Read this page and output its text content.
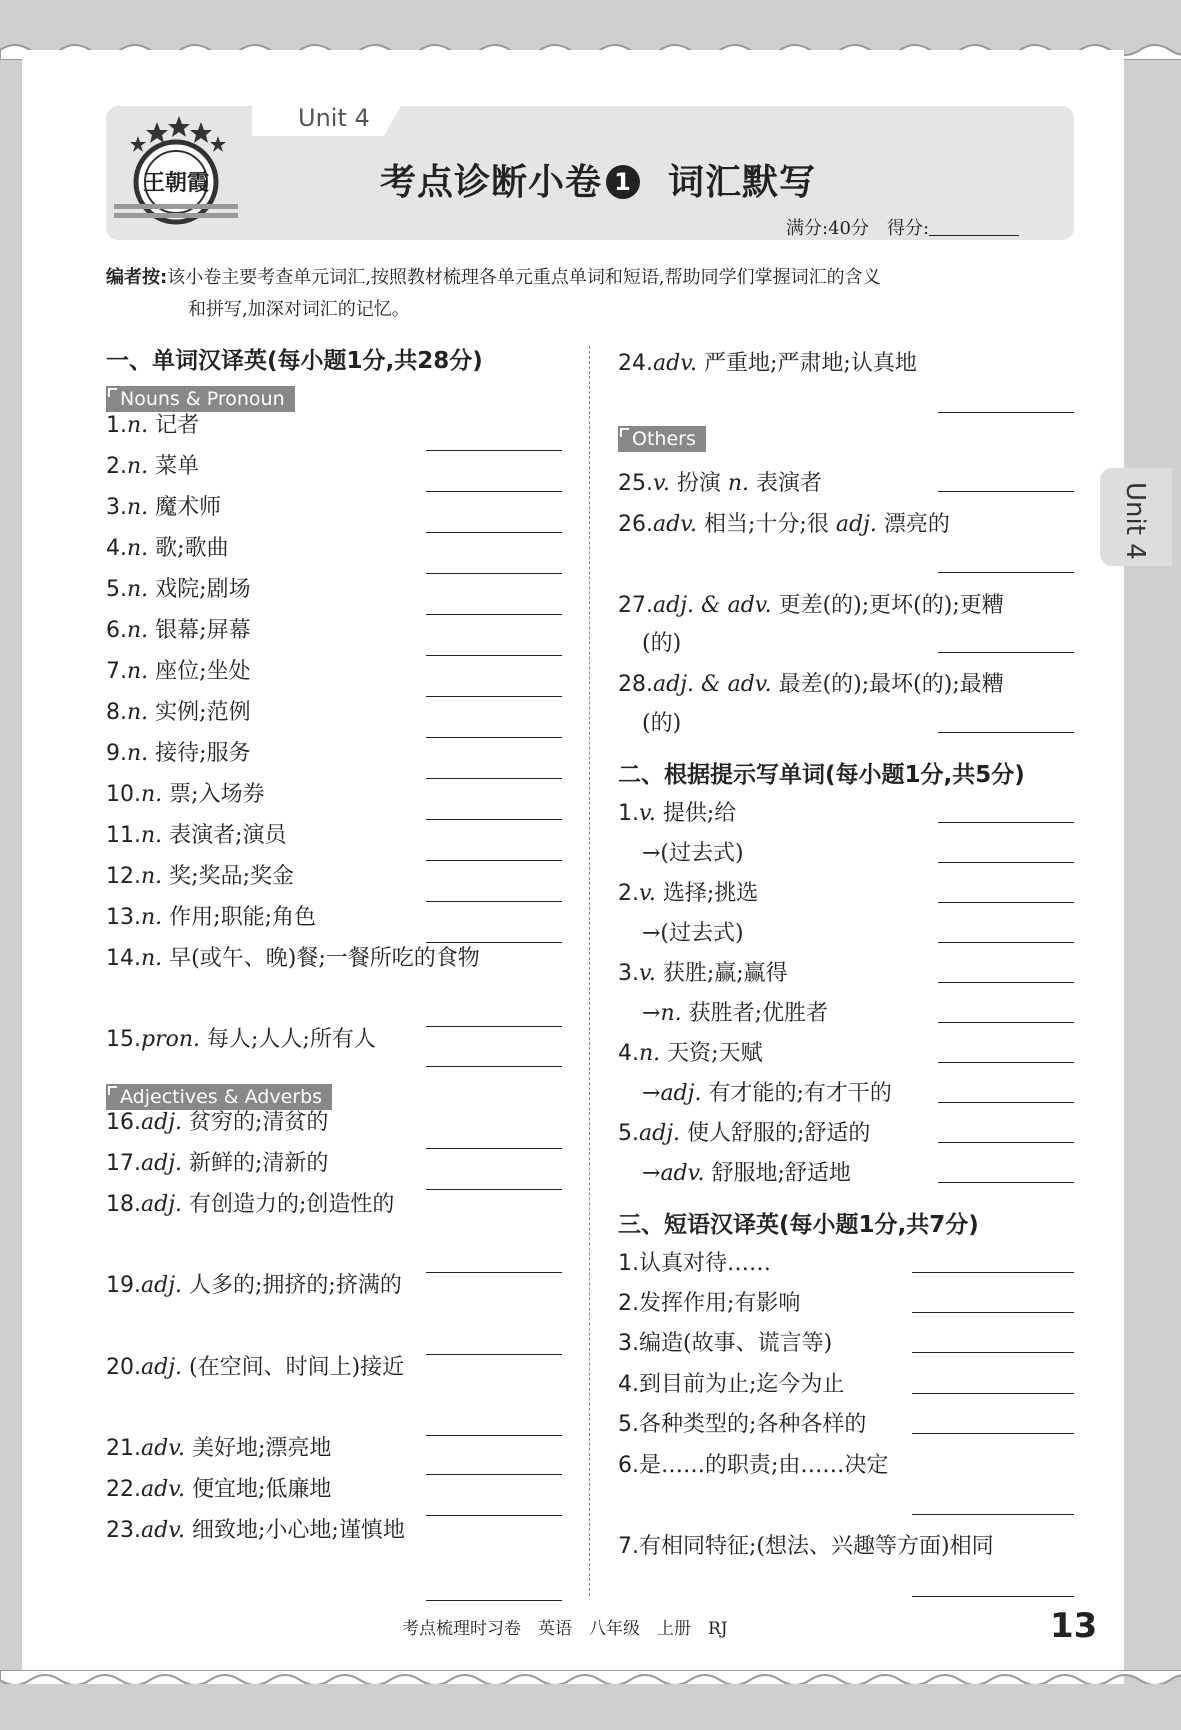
王朝霞
Unit 4
考点诊断小卷 1 词汇默写
满分:40分　得分:
Unit 4
编者按:该小卷主要考查单元词汇,按照教材梳理各单元重点单词和短语,帮助同学们掌握词汇的含义
和拼写,加深对词汇的记忆。
一、单词汉译英(每小题1分,共28分)
Nouns & Pronoun
Adjectives & Adverbs
考点梳理时习卷　英语　八年级　上册　RJ	13
1.n. 记者
2.n. 菜单
3.n. 魔术师
4.n. 歌;歌曲
5.n. 戏院;剧场
6.n. 银幕;屏幕
7.n. 座位;坐处
8.n. 实例;范例
9.n. 接待;服务
10.n. 票;入场券
11.n. 表演者;演员
12.n. 奖;奖品;奖金
13.n. 作用;职能;角色
14.n. 早(或午、晚)餐;一餐所吃的食物
15.pron. 每人;人人;所有人
16.adj. 贫穷的;清贫的
17.adj. 新鲜的;清新的
18.adj. 有创造力的;创造性的
19.adj. 人多的;拥挤的;挤满的
20.adj. (在空间、时间上)接近
21.adv. 美好地;漂亮地
22.adv. 便宜地;低廉地
23.adv. 细致地;小心地;谨慎地
24.adv. 严重地;严肃地;认真地
Others
25.v. 扮演 n. 表演者
26.adv. 相当;十分;很 adj. 漂亮的
27.adj. & adv. 更差(的);更坏(的);更糟
(的)
28.adj. & adv. 最差(的);最坏(的);最糟
(的)
二、根据提示写单词(每小题1分,共5分)
1.v. 提供;给
→(过去式)
2.v. 选择;挑选
→(过去式)
3.v. 获胜;赢;赢得
→n. 获胜者;优胜者
4.n. 天资;天赋
→adj. 有才能的;有才干的
5.adj. 使人舒服的;舒适的
→adv. 舒服地;舒适地
三、短语汉译英(每小题1分,共7分)
1.认真对待……
2.发挥作用;有影响
3.编造(故事、谎言等)
4.到目前为止;迄今为止
5.各种类型的;各种各样的
6.是……的职责;由……决定
7.有相同特征;(想法、兴趣等方面)相同
